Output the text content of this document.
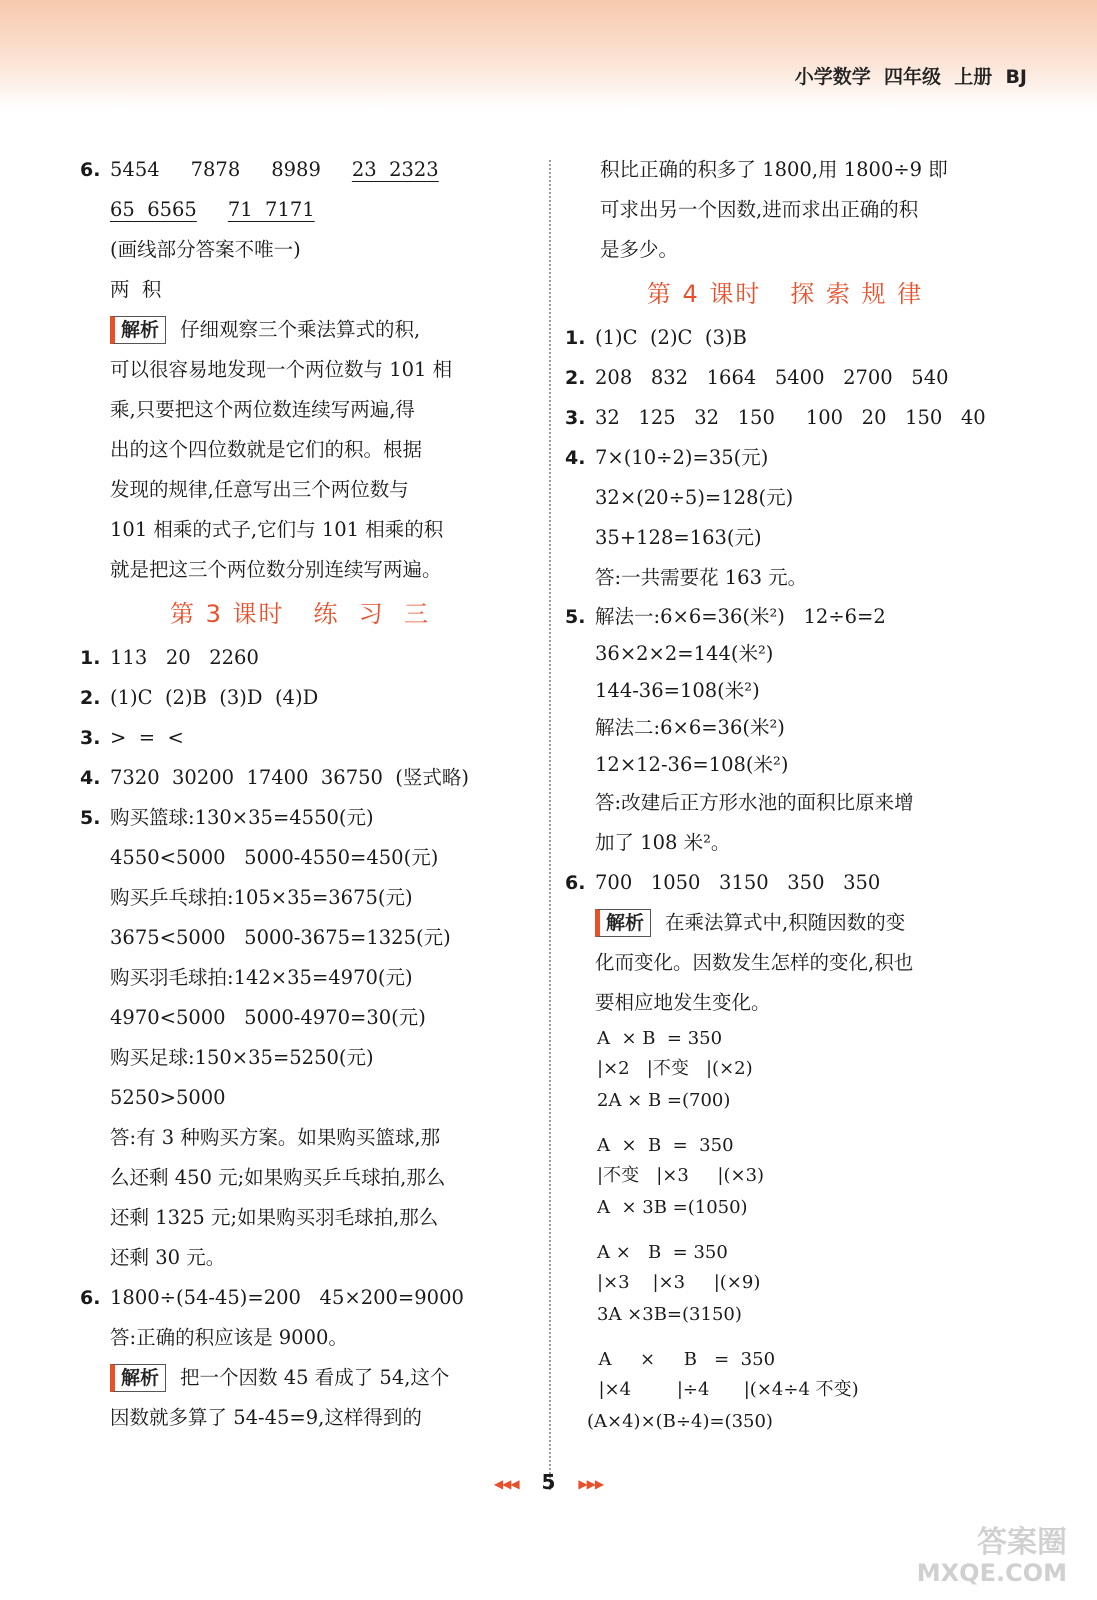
小学数学  四年级  上册  BJ
6. 5454     7878     8989     23  2323
65  6565 71  7171
(画线部分答案不唯一)
两  积
解析 仔细观察三个乘法算式的积,
可以很容易地发现一个两位数与 101 相
乘,只要把这个两位数连续写两遍,得
出的这个四位数就是它们的积。根据
发现的规律,任意写出三个两位数与
101 相乘的式子,它们与 101 相乘的积
就是把这三个两位数分别连续写两遍。
第 3 课时   练  习  三
1. 113   20   2260
2. (1)C  (2)B  (3)D  (4)D
3. >  =  <
4. 7320  30200  17400  36750  (竖式略)
5. 购买篮球:130×35=4550(元)
4550<5000   5000-4550=450(元)
购买乒乓球拍:105×35=3675(元)
3675<5000   5000-3675=1325(元)
购买羽毛球拍:142×35=4970(元)
4970<5000   5000-4970=30(元)
购买足球:150×35=5250(元)
5250>5000
答:有 3 种购买方案。如果购买篮球,那
么还剩 450 元;如果购买乒乓球拍,那么
还剩 1325 元;如果购买羽毛球拍,那么
还剩 30 元。
6. 1800÷(54-45)=200   45×200=9000
答:正确的积应该是 9000。
解析 把一个因数 45 看成了 54,这个
因数就多算了 54-45=9,这样得到的
积比正确的积多了 1800,用 1800÷9 即
可求出另一个因数,进而求出正确的积
是多少。
第 4 课时   探 索 规 律
1. (1)C  (2)C  (3)B
2. 208   832   1664   5400   2700   540
3. 32   125   32   150     100   20   150   40
4. 7×(10÷2)=35(元)
32×(20÷5)=128(元)
35+128=163(元)
答:一共需要花 163 元。
5. 解法一:6×6=36(米²)   12÷6=2
36×2×2=144(米²)
144-36=108(米²)
解法二:6×6=36(米²)
12×12-36=108(米²)
答:改建后正方形水池的面积比原来增
加了 108 米²。
6. 700   1050   3150   350   350
解析 在乘法算式中,积随因数的变
化而变化。因数发生怎样的变化,积也
要相应地发生变化。
A  × B  = 350
|×2   |不变   |(×2)
2A × B =(700)
A  ×  B  =  350
|不变   |×3     |(×3)
A  × 3B =(1050)
A ×   B  = 350
|×3    |×3     |(×9)
3A ×3B=(3150)
A     ×     B   =  350
|×4        |÷4      |(×4÷4 不变)
(A×4)×(B÷4)=(350)
◀◀◀ 5 ▶▶▶
答案圈
MXQE.COM
